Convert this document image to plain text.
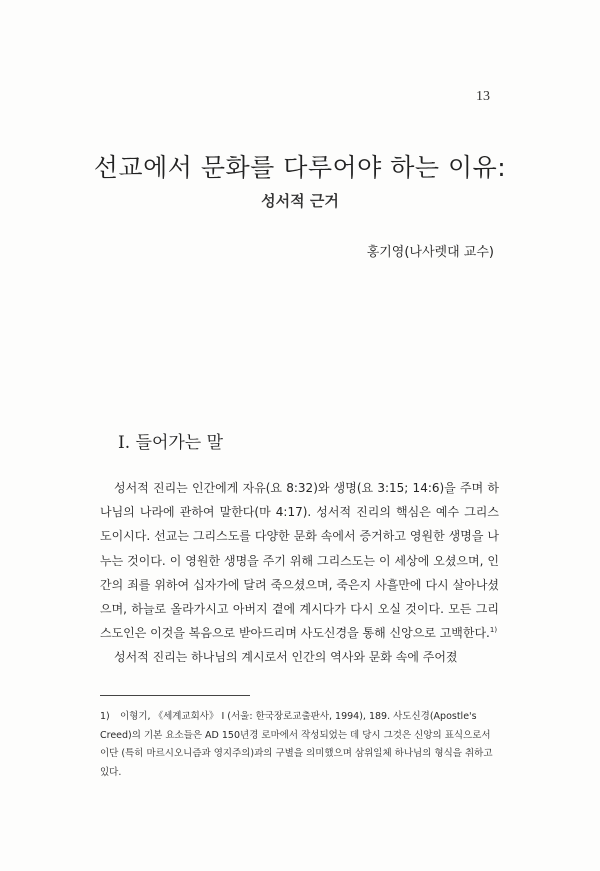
13
선교에서 문화를 다루어야 하는 이유:
성서적 근거
홍기영(나사렛대 교수)
I. 들어가는 말

성서적 진리는 인간에게 자유(요 8:32)와 생명(요 3:15; 14:6)을 주며 하나님의 나라에 관하여 말한다(마 4:17). 성서적 진리의 핵심은 예수 그리스도이시다. 선교는 그리스도를 다양한 문화 속에서 증거하고 영원한 생명을 나누는 것이다. 이 영원한 생명을 주기 위해 그리스도는 이 세상에 오셨으며, 인간의 죄를 위하여 십자가에 달려 죽으셨으며, 죽은지 사흘만에 다시 살아나셨으며, 하늘로 올라가시고 아버지 곁에 계시다가 다시 오실 것이다. 모든 그리스도인은 이것을 복음으로 받아드리며 사도신경을 통해 신앙으로 고백한다.$^{1)}$

성서적 진리는 하나님의 계시로서 인간의 역사와 문화 속에 주어졌

1) 이형기, 《세계교회사》 I (서울: 한국장로교출판사, 1994), 189. 사도신경(Apostle's Creed)의 기본 요소들은 AD 150년경 로마에서 작성되었는 데 당시 그것은 신앙의 표식으로서 이단 (특히 마르시오니즘과 영지주의)과의 구별을 의미했으며 삼위일체 하나님의 형식을 취하고 있다.
